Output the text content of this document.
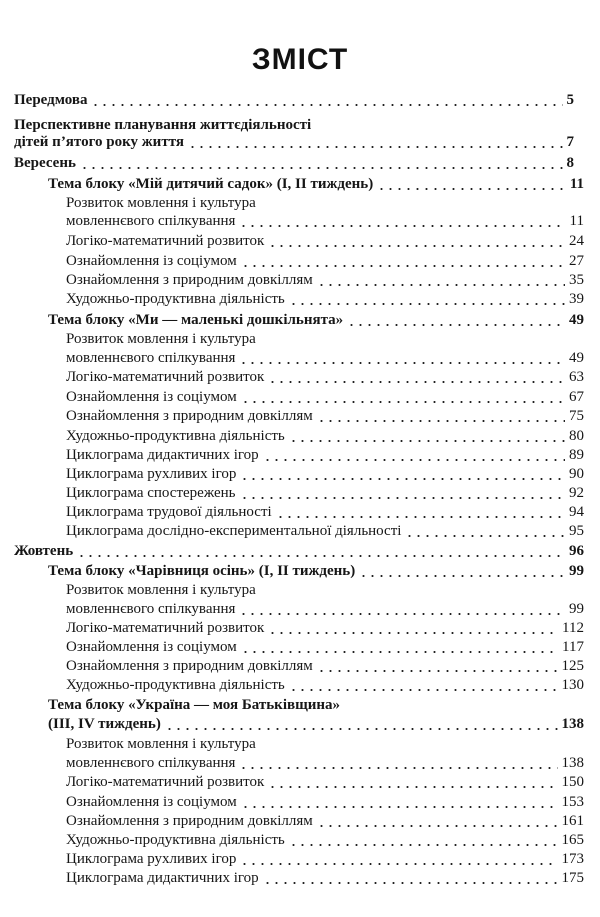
ЗМІСТ
Передмова	5
Перспективне планування життєдіяльності
дітей п’ятого року життя	7
Вересень	8
Тема блоку «Мій дитячий садок» (I, II тиждень)	11
Розвиток мовлення і культура
мовленнєвого спілкування	11
Логіко-математичний розвиток	24
Ознайомлення із соціумом	27
Ознайомлення з природним довкіллям	35
Художньо-продуктивна діяльність	39
Тема блоку «Ми — маленькі дошкільнята»	49
Розвиток мовлення і культура
мовленнєвого спілкування	49
Логіко-математичний розвиток	63
Ознайомлення із соціумом	67
Ознайомлення з природним довкіллям	75
Художньо-продуктивна діяльність	80
Циклограма дидактичних ігор	89
Циклограма рухливих ігор	90
Циклограма спостережень	92
Циклограма трудової діяльності	94
Циклограма дослідно-експериментальної діяльності	95
Жовтень	96
Тема блоку «Чарівниця осінь» (I, II тиждень)	99
Розвиток мовлення і культура
мовленнєвого спілкування	99
Логіко-математичний розвиток	112
Ознайомлення із соціумом	117
Ознайомлення з природним довкіллям	125
Художньо-продуктивна діяльність	130
Тема блоку «Україна — моя Батьківщина»
(III, IV тиждень)	138
Розвиток мовлення і культура
мовленнєвого спілкування	138
Логіко-математичний розвиток	150
Ознайомлення із соціумом	153
Ознайомлення з природним довкіллям	161
Художньо-продуктивна діяльність	165
Циклограма рухливих ігор	173
Циклограма дидактичних ігор	175
